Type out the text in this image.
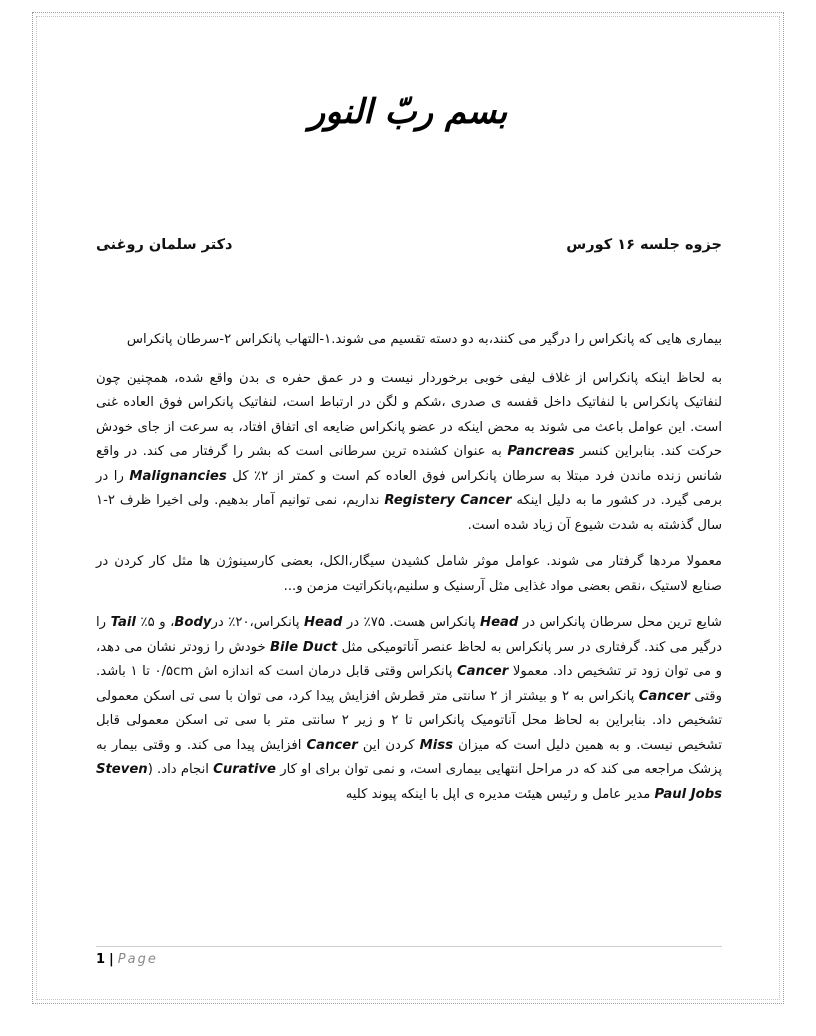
بسم ربّ النور
جزوه جلسه ۱۶ کورس
دکتر سلمان روغنی

بیماری هایی که پانکراس را درگیر می کنند،به دو دسته تقسیم می شوند.۱-التهاب پانکراس ۲-سرطان پانکراس

به لحاظ اینکه پانکراس از غلاف لیفی خوبی برخوردار نیست و در عمق حفره ی بدن واقع شده، همچنین چون لنفاتیک پانکراس با لنفاتیک داخل قفسه ی صدری ،شکم و لگن در ارتباط است، لنفاتیک پانکراس فوق العاده غنی است. این عوامل باعث می شوند به محض اینکه در عضو پانکراس ضایعه ای اتفاق افتاد، به سرعت از جای خودش حرکت کند. بنابراین کنسر Pancreas به عنوان کشنده ترین سرطانی است که بشر را گرفتار می کند. در واقع شانس زنده ماندن فرد مبتلا به سرطان پانکراس فوق العاده کم است و کمتر از ۲٪ کل Malignancies را در برمی گیرد. در کشور ما به دلیل اینکه Registery Cancer نداریم، نمی توانیم آمار بدهیم. ولی اخیرا ظرف ۲-۱ سال گذشته به شدت شیوع آن زیاد شده است.

معمولا مردها گرفتار می شوند. عوامل موثر شامل کشیدن سیگار،الکل، بعضی کارسینوژن ها مثل کار کردن در صنایع لاستیک ،نقص بعضی مواد غذایی مثل آرسنیک و سلنیم،پانکراتیت مزمن و...

شایع ترین محل سرطان پانکراس در Head پانکراس هست. ۷۵٪ در Head پانکراس،۲۰٪ درBody، و ۵٪ Tail را درگیر می کند. گرفتاری در سر پانکراس به لحاظ عنصر آناتومیکی مثل Bile Duct خودش را زودتر نشان می دهد، و می توان زود تر تشخیص داد. معمولا Cancer پانکراس وقتی قابل درمان است که اندازه اش ۰/۵cm تا ۱ باشد. وقتی Cancer پانکراس به ۲ و بیشتر از ۲ سانتی متر قطرش افزایش پیدا کرد، می توان با سی تی اسکن معمولی تشخیص داد. بنابراین به لحاظ محل آناتومیک پانکراس تا ۲ و زیر ۲ سانتی متر با سی تی اسکن معمولی قابل تشخیص نیست. و به همین دلیل است که میزان Miss کردن این Cancer افزایش پیدا می کند. و وقتی بیمار به پزشک مراجعه می کند که در مراحل انتهایی بیماری است، و نمی توان برای او کار Curative انجام داد. (Steven Paul Jobs مدیر عامل و رئیس هیئت مدیره ی اپل با اینکه پیوند کلیه

1 | Page
